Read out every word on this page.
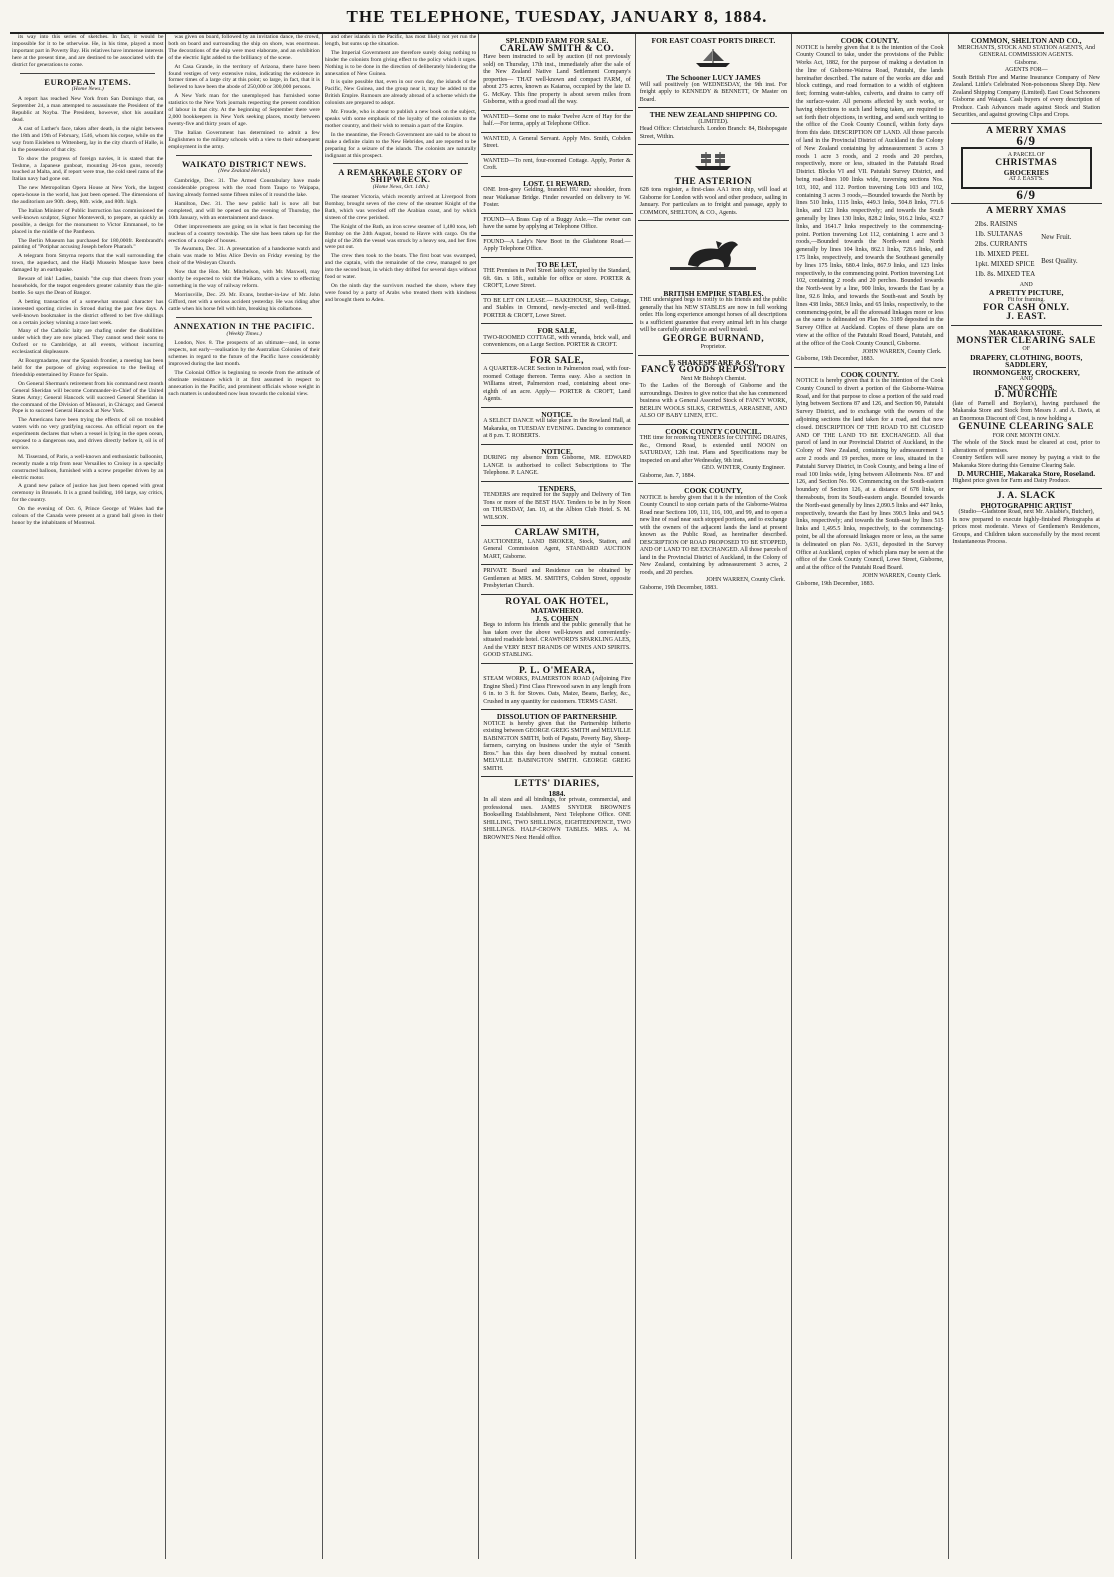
THE TELEPHONE, TUESDAY, JANUARY 8, 1884.

its way into this series of sketches. In fact, it would be impossible for it to be otherwise. He, in his time, played a most important part in Poverty Bay. His relatives have immense interests here at the present time, and are destined to be associated with the district for generations to come.

EUROPEAN ITEMS.
(Home News.)

A report has reached New York from San Domingo that, on September 24, a man attempted to assassinate the President of the Republic at Noyba. The President, however, shot his assailant dead.

A cast of Luther's face, taken after death, in the night between the 18th and 19th of February, 1546, whom his corpse, while on the way from Eisleben to Wittenberg, lay in the city church of Halle, is in the possession of that city.

To show the progress of foreign navies, it is stated that the Teshme, a Japanese gunboat, mounting 26-ton guns, recently touched at Malta, and, if report were true, the cold steel rams of the Italian navy had gone out.

The new Metropolitan Opera House at New York, the largest opera-house in the world, has just been opened. The dimensions of the auditorium are 90ft. deep, 80ft. wide, and 80ft. high.

The Italian Minister of Public Instruction has commissioned the well-known sculptor, Signor Monteverdi, to prepare, as quickly as possible, a design for the monument to Victor Emmanuel, to be placed in the middle of the Pantheon.

The Berlin Museum has purchased for 180,000fr. Rembrandt's painting of "Potiphar accusing Joseph before Pharaoh."

A telegram from Smyrna reports that the wall surrounding the town, the aqueduct, and the Hadji Mussein Mosque have been damaged by an earthquake.

Beware of ink! Ladies, banish "the cup that cheers from your households, for the teapot engenders greater calamity than the gin-bottle. So says the Dean of Bangor.

A betting transaction of a somewhat unusual character has interested sporting circles in Stroud during the past few days. A well-known bookmaker in the district offered to bet five shillings on a certain jockey winning a race last week.

Many of the Catholic laity are chafing under the disabilities under which they are now placed. They cannot send their sons to Oxford or to Cambridge, at all events, without incurring ecclesiastical displeasure.

At Bourgmadame, near the Spanish frontier, a meeting has been held for the purpose of giving expression to the feeling of friendship entertained by France for Spain.

On General Sherman's retirement from his command next month General Sheridan will become Commander-in-Chief of the United States Army; General Hancock will succeed General Sheridan in the command of the Division of Missouri, in Chicago; and General Pope is to succeed General Hancock at New York.

The Americans have been trying the effects of oil on troubled waters with no very gratifying success. An official report on the experiments declares that when a vessel is lying in the open ocean, exposed to a dangerous sea, and driven directly before it, oil is of service.

M. Tisserand, of Paris, a well-known and enthusiastic balloonist, recently made a trip from near Versailles to Croissy in a specially constructed balloon, furnished with a screw propeller driven by an electric motor.

A grand new palace of justice has just been opened with great ceremony in Brussels. It is a grand building, 160 large, say critics, for the country.

On the evening of Oct. 6, Prince George of Wales had the colours of the Canada were present at a grand ball given in their honor by the inhabitants of Montreal.

was given on board, followed by an invitation dance, the crowd, both on board and surrounding the ship on shore, was enormous. The decorations of the ship were most elaborate, and an exhibition of the electric light added to the brilliancy of the scene.

At Casa Grande, in the territory of Arizona, there have been found vestiges of very extensive ruins, indicating the existence in former times of a large city at this point; so large, in fact, that it is believed to have been the abode of 250,000 or 300,000 persons.

A New York man for the unemployed has furnished some statistics to the New York journals respecting the present condition of labour in that city. At the beginning of September there were 2,000 bookkeepers in New York seeking places, mostly between twenty-five and thirty years of age.

The Italian Government has determined to admit a few Englishmen to the military schools with a view to their subsequent employment in the army.

WAIKATO DISTRICT NEWS.
(New Zealand Herald.)

Cambridge, Dec. 31. The Armed Constabulary have made considerable progress with the road from Taupo to Waipapa, having already formed some fifteen miles of it round the lake.

Hamilton, Dec. 31. The new public hall is now all but completed, and will be opened on the evening of Thursday, the 10th January, with an entertainment and dance.

Other improvements are going on in what is fast becoming the nucleus of a country township. The site has been taken up for the erection of a couple of houses.

Te Awamutu, Dec. 31. A presentation of a handsome watch and chain was made to Miss Alice Devin on Friday evening by the choir of the Wesleyan Church.

Now that the Hon. Mr. Mitchelson, with Mr. Maxwell, may shortly be expected to visit the Waikato, with a view to effecting something in the way of railway reform.

Morrinsville, Dec. 29. Mr. Evans, brother-in-law of Mr. John Gifford, met with a serious accident yesterday. He was riding after cattle when his horse fell with him, breaking his collarbone.

ANNEXATION IN THE PACIFIC.
(Weekly Times.)

London, Nov. 8. The prospects of an ultimate—and, in some respects, not early—realisation by the Australian Colonies of their schemes in regard to the future of the Pacific have considerably improved during the last month.

The Colonial Office is beginning to recede from the attitude of obstinate resistance which it at first assumed in respect to annexation in the Pacific, and prominent officials whose weight in such matters is undoubted now lean towards the colonial view.

and other islands in the Pacific, has most likely not yet run the length, but sums up the situation.

The Imperial Government are therefore surely doing nothing to hinder the colonists from giving effect to the policy which it urges. Nothing is to be done in the direction of deliberately hindering the annexation of New Guinea.

It is quite possible that, even in our own day, the islands of the Pacific, New Guinea, and the group near it, may be added to the British Empire. Rumours are already abroad of a scheme which the colonists are prepared to adopt.

Mr. Froude, who is about to publish a new book on the subject, speaks with some emphasis of the loyalty of the colonists to the mother country, and their wish to remain a part of the Empire.

In the meantime, the French Government are said to be about to make a definite claim to the New Hebrides, and are reported to be preparing for a seizure of the islands. The colonists are naturally indignant at this prospect.

A REMARKABLE STORY OF SHIPWRECK.
(Home News, Oct. 14th.)

The steamer Victoria, which recently arrived at Liverpool from Bombay, brought seven of the crew of the steamer Knight of the Bath, which was wrecked off the Arabian coast, and by which sixteen of the crew perished.

The Knight of the Bath, an iron screw steamer of 1,480 tons, left Bombay on the 24th August, bound to Havre with cargo. On the night of the 26th the vessel was struck by a heavy sea, and her fires were put out.

The crew then took to the boats. The first boat was swamped, and the captain, with the remainder of the crew, managed to get into the second boat, in which they drifted for several days without food or water.

On the ninth day the survivors reached the shore, where they were found by a party of Arabs who treated them with kindness and brought them to Aden.

SPLENDID FARM FOR SALE.
CARLAW SMITH & CO.
Have been instructed to sell by auction (if not previously sold) on Thursday, 17th inst., immediately after the sale of the New Zealand Native Land Settlement Company's properties— THAT well-known and compact FARM, of about 275 acres, known as Kaiaroa, occupied by the late D. G. McKay. This fine property is about seven miles from Gisborne, with a good road all the way.
WANTED—Some one to make Twelve Acre of Hay for the half.—For terms, apply at Telephone Office.
WANTED, A General Servant. Apply Mrs. Smith, Cobden Street.
WANTED—To rent, four-roomed Cottage. Apply, Porter & Croft.
LOST. £1 REWARD.
ONE Iron-grey Gelding, branded HU near shoulder, from near Waikanae Bridge. Finder rewarded on delivery to W. Foster.
FOUND—A Brass Cap of a Buggy Axle.—The owner can have the same by applying at Telephone Office.
FOUND—A Lady's New Boot in the Gladstone Road.—Apply Telephone Office.
TO BE LET,
THE Premises in Peel Street lately occupied by the Standard, 6ft. 6in. x 18ft., suitable for office or store. PORTER & CROFT, Lowe Street.
TO BE LET ON LEASE.— BAKEHOUSE, Shop, Cottage, and Stables in Ormond, newly-erected and well-fitted. PORTER & CROFT, Lowe Street.
FOR SALE,
TWO-ROOMED COTTAGE, with veranda, brick wall, and conveniences, on a Large Section. PORTER & CROFT.
FOR SALE,
A QUARTER-ACRE Section in Palmerston road, with four-roomed Cottage thereon. Terms easy. Also a section in Williams street, Palmerston road, containing about one-eighth of an acre. Apply— PORTER & CROFT, Land Agents.
NOTICE.
A SELECT DANCE will take place in the Rowland Hall, at Makaraka, on TUESDAY EVENING. Dancing to commence at 8 p.m. T. ROBERTS.
NOTICE.
DURING my absence from Gisborne, MR. EDWARD LANGE is authorised to collect Subscriptions to The Telephone. P. LANGE.
TENDERS.
TENDERS are required for the Supply and Delivery of Ten Tons or more of the BEST HAY. Tenders to be in by Noon on THURSDAY, Jan. 10, at the Albion Club Hotel. S. M. WILSON.
CARLAW SMITH,
AUCTIONEER, LAND BROKER, Stock, Station, and General Commission Agent, STANDARD AUCTION MART, Gisborne.
PRIVATE Board and Residence can be obtained by Gentlemen at MRS. M. SMITH'S, Cobden Street, opposite Presbyterian Church.
ROYAL OAK HOTEL,
MATAWHERO.
J. S. COHEN
Begs to inform his friends and the public generally that he has taken over the above well-known and conveniently-situated roadside hotel. CRAWFORD'S SPARKLING ALES, And the VERY BEST BRANDS OF WINES AND SPIRITS. GOOD STABLING.
P. L. O'MEARA,
STEAM WORKS, PALMERSTON ROAD (Adjoining Fire Engine Shed.) First Class Firewood sawn in any length from 6 in. to 3 ft. for Stoves. Oats, Maize, Beans, Barley, &c., Crushed in any quantity for customers. TERMS CASH.
DISSOLUTION OF PARTNERSHIP.
NOTICE is hereby given that the Partnership hitherto existing between GEORGE GREIG SMITH and MELVILLE BABINGTON SMITH, both of Papatu, Poverty Bay, Sheep-farmers, carrying on business under the style of "Smith Bros." has this day been dissolved by mutual consent. MELVILLE BABINGTON SMITH. GEORGE GREIG SMITH.
LETTS' DIARIES,
1884.
In all sizes and all bindings, for private, commercial, and professional uses. JAMES SNYDER BROWNE'S Bookselling Establishment, Next Telephone Office. ONE SHILLING, TWO SHILLINGS, EIGHTEENPENCE, TWO SHILLINGS. HALF-CROWN TABLES. MRS. A. M. BROWNE'S Next Herald office.
FOR EAST COAST PORTS DIRECT.
The Schooner LUCY JAMES
Will sail positively (on WEDNESDAY, the 9th inst. For freight apply to KENNEDY & BENNETT, Or Master on Board.
THE NEW ZEALAND SHIPPING CO.
(LIMITED).
Head Office: Christchurch. London Branch: 84, Bishopsgate Street, Within.
THE ASTERION
628 tons register, a first-class AA1 iron ship, will load at Gisborne for London with wool and other produce, sailing in January. For particulars as to freight and passage, apply to COMMON, SHELTON, & CO., Agents.
BRITISH EMPIRE STABLES.
THE undersigned begs to notify to his friends and the public generally that his NEW STABLES are now in full working order. His long experience amongst horses of all descriptions is a sufficient guarantee that every animal left in his charge will be carefully attended to and well treated.
GEORGE BURNAND,
Proprietor.
E. SHAKESPEARE & CO.,
FANCY GOODS REPOSITORY
Next Mr Bishop's Chemist.
To the Ladies of the Borough of Gisborne and the surroundings. Desires to give notice that she has commenced business with a General Assorted Stock of FANCY WORK, BERLIN WOOLS SILKS, CREWELS, ARRASENE, AND ALSO OF BABY LINEN, ETC.
COOK COUNTY COUNCIL.
THE time for receiving TENDERS for CUTTING DRAINS, &c., Ormond Road, is extended until NOON on SATURDAY, 12th inst. Plans and Specifications may be inspected on and after Wednesday, 9th inst.
GEO. WINTER, County Engineer.
Gisborne, Jan. 7, 1884.
COOK COUNTY,
NOTICE is hereby given that it is the intention of the Cook County Council to stop certain parts of the Gisborne-Wairoa Road near Sections 109, 111, 116, 100, and 99, and to open a new line of road near such stopped portions, and to exchange with the owners of the adjacent lands the land at present known as the Public Road, as hereinafter described. DESCRIPTION OF ROAD PROPOSED TO BE STOPPED, AND OF LAND TO BE EXCHANGED. All those parcels of land in the Provincial District of Auckland, in the Colony of New Zealand, containing by admeasurement 3 acres, 2 roods, and 20 perches.
JOHN WARREN, County Clerk.
Gisborne, 19th December, 1883.
COOK COUNTY.
NOTICE is hereby given that it is the intention of the Cook County Council to take, under the provisions of the Public Works Act, 1882, for the purpose of making a deviation in the line of Gisborne-Wairoa Road, Patutahi, the lands hereinafter described. The nature of the works are dike and block cuttings, and road formation to a width of eighteen feet; forming water-tables, culverts, and drains to carry off the surface-water. All persons affected by such works, or having objections to such land being taken, are required to set forth their objections, in writing, and send such writing to the office of the Cook County Council, within forty days from this date. DESCRIPTION OF LAND. All those parcels of land in the Provincial District of Auckland in the Colony of New Zealand containing by admeasurement 3 acres 3 roods 1 acre 3 roods, and 2 roods and 20 perches, respectively, more or less, situated in the Patutahi Road District. Blocks VI and VII. Patutahi Survey District, and being road-lines 100 links wide, traversing sections Nos. 103, 102, and 112. Portion traversing Lots 103 and 102, containing 3 acres 3 roods,—Bounded towards the North by lines 510 links, 1115 links, 449.3 links, 504.8 links, 771.6 links, and 123 links respectively; and towards the South generally by lines 130 links, 828.2 links, 916.2 links, 432.7 links, and 1641.7 links respectively to the commencing-point. Portion traversing Lot 112, containing 1 acre and 3 roods,—Bounded towards the North-west and North generally by lines 104 links, 862.1 links, 728.6 links, and 175 links, respectively, and towards the Southeast generally by lines 175 links, 680.4 links, 867.9 links, and 123 links respectively, to the commencing point. Portion traversing Lot 102, containing 2 roods and 20 perches. Bounded towards the North-west by a line, 900 links, towards the East by a line, 92.6 links, and towards the South-east and South by lines 438 links, 386.9 links, and 65 links, respectively, to the commencing-point, be all the aforesaid linkages more or less as the same is delineated on Plan No. 3189 deposited in the Survey Office at Auckland. Copies of these plans are on view at the office of the Patutahi Road Board, Patutahi, and at the office of the Cook County Council, Gisborne.
JOHN WARREN, County Clerk.
Gisborne, 19th December, 1883.
COOK COUNTY.
NOTICE is hereby given that it is the intention of the Cook County Council to divert a portion of the Gisborne-Wairoa Road, and for that purpose to close a portion of the said road lying between Sections 87 and 126, and Section 90, Patutahi Survey District, and to exchange with the owners of the adjoining sections the land taken for a road, and that now closed. DESCRIPTION OF THE ROAD TO BE CLOSED AND OF THE LAND TO BE EXCHANGED. All that parcel of land in our Provincial District of Auckland, in the Colony of New Zealand, containing by admeasurement 1 acre 2 roods and 19 perches, more or less, situated in the Patutahi Survey District, in Cook County, and being a line of road 100 links wide, lying between Allotments Nos. 87 and 126, and Section No. 90. Commencing on the South-eastern boundary of Section 126, at a distance of 678 links, or thereabouts, from its South-eastern angle. Bounded towards the North-east generally by lines 2,090.5 links and 447 links, respectively, towards the East by lines 390.5 links and 94.5 links, respectively; and towards the South-east by lines 515 links and 1,495.5 links, respectively, to the commencing-point, be all the aforesaid linkages more or less, as the same is delineated on plan No. 3,631, deposited in the Survey Office at Auckland, copies of which plans may be seen at the office of the Cook County Council, Lowe Street, Gisborne, and at the office of the Patutahi Road Board.
JOHN WARREN, County Clerk.
Gisborne, 19th December, 1883.
COMMON, SHELTON AND CO.,
MERCHANTS, STOCK AND STATION AGENTS, And GENERAL COMMISSION AGENTS.
Gisborne.
AGENTS FOR—
South British Fire and Marine Insurance Company of New Zealand. Little's Celebrated Non-poisonous Sheep Dip. New Zealand Shipping Company (Limited). East Coast Schooners Gisborne and Waiapu. Cash buyers of every description of Produce. Cash Advances made against Stock and Station Securities, and against growing Clips and Crops.
A MERRY XMAS
6/9
A PARCEL OF
CHRISTMAS
GROCERIES
AT J. EAST'S.
6/9
A MERRY XMAS
2lbs. RAISINS
1lb. SULTANAS
2lbs. CURRANTS
1lb. MIXED PEEL
1pkt. MIXED SPICE
1lb. 8s. MIXED TEA
New Fruit.
Best Quality.
AND
A PRETTY PICTURE,
Fit for framing.
FOR CASH ONLY.
J. EAST.
MAKARAKA STORE.
MONSTER CLEARING SALE
OF
DRAPERY, CLOTHING, BOOTS,
SADDLERY,
IRONMONGERY, CROCKERY,
AND
FANCY GOODS.
D. MURCHIE
(late of Parnell and Boylan's), having purchased the Makaraka Store and Stock from Messrs J. and A. Davis, at an Enormous Discount off Cost, is now holding a
GENUINE CLEARING SALE
FOR ONE MONTH ONLY.
The whole of the Stock must be cleared at cost, prior to alterations of premises.
Country Settlers will save money by paying a visit to the Makaraka Store during this Genuine Clearing Sale.
D. MURCHIE, Makaraka Store, Roseland.
Highest price given for Farm and Dairy Produce.
J. A. SLACK
PHOTOGRAPHIC ARTIST
(Studio—Gladstone Road, next Mr. Aislabie's, Butcher),
Is now prepared to execute highly-finished Photographs at prices most moderate. Views of Gentlemen's Residences, Groups, and Children taken successfully by the most recent Instantaneous Process.
